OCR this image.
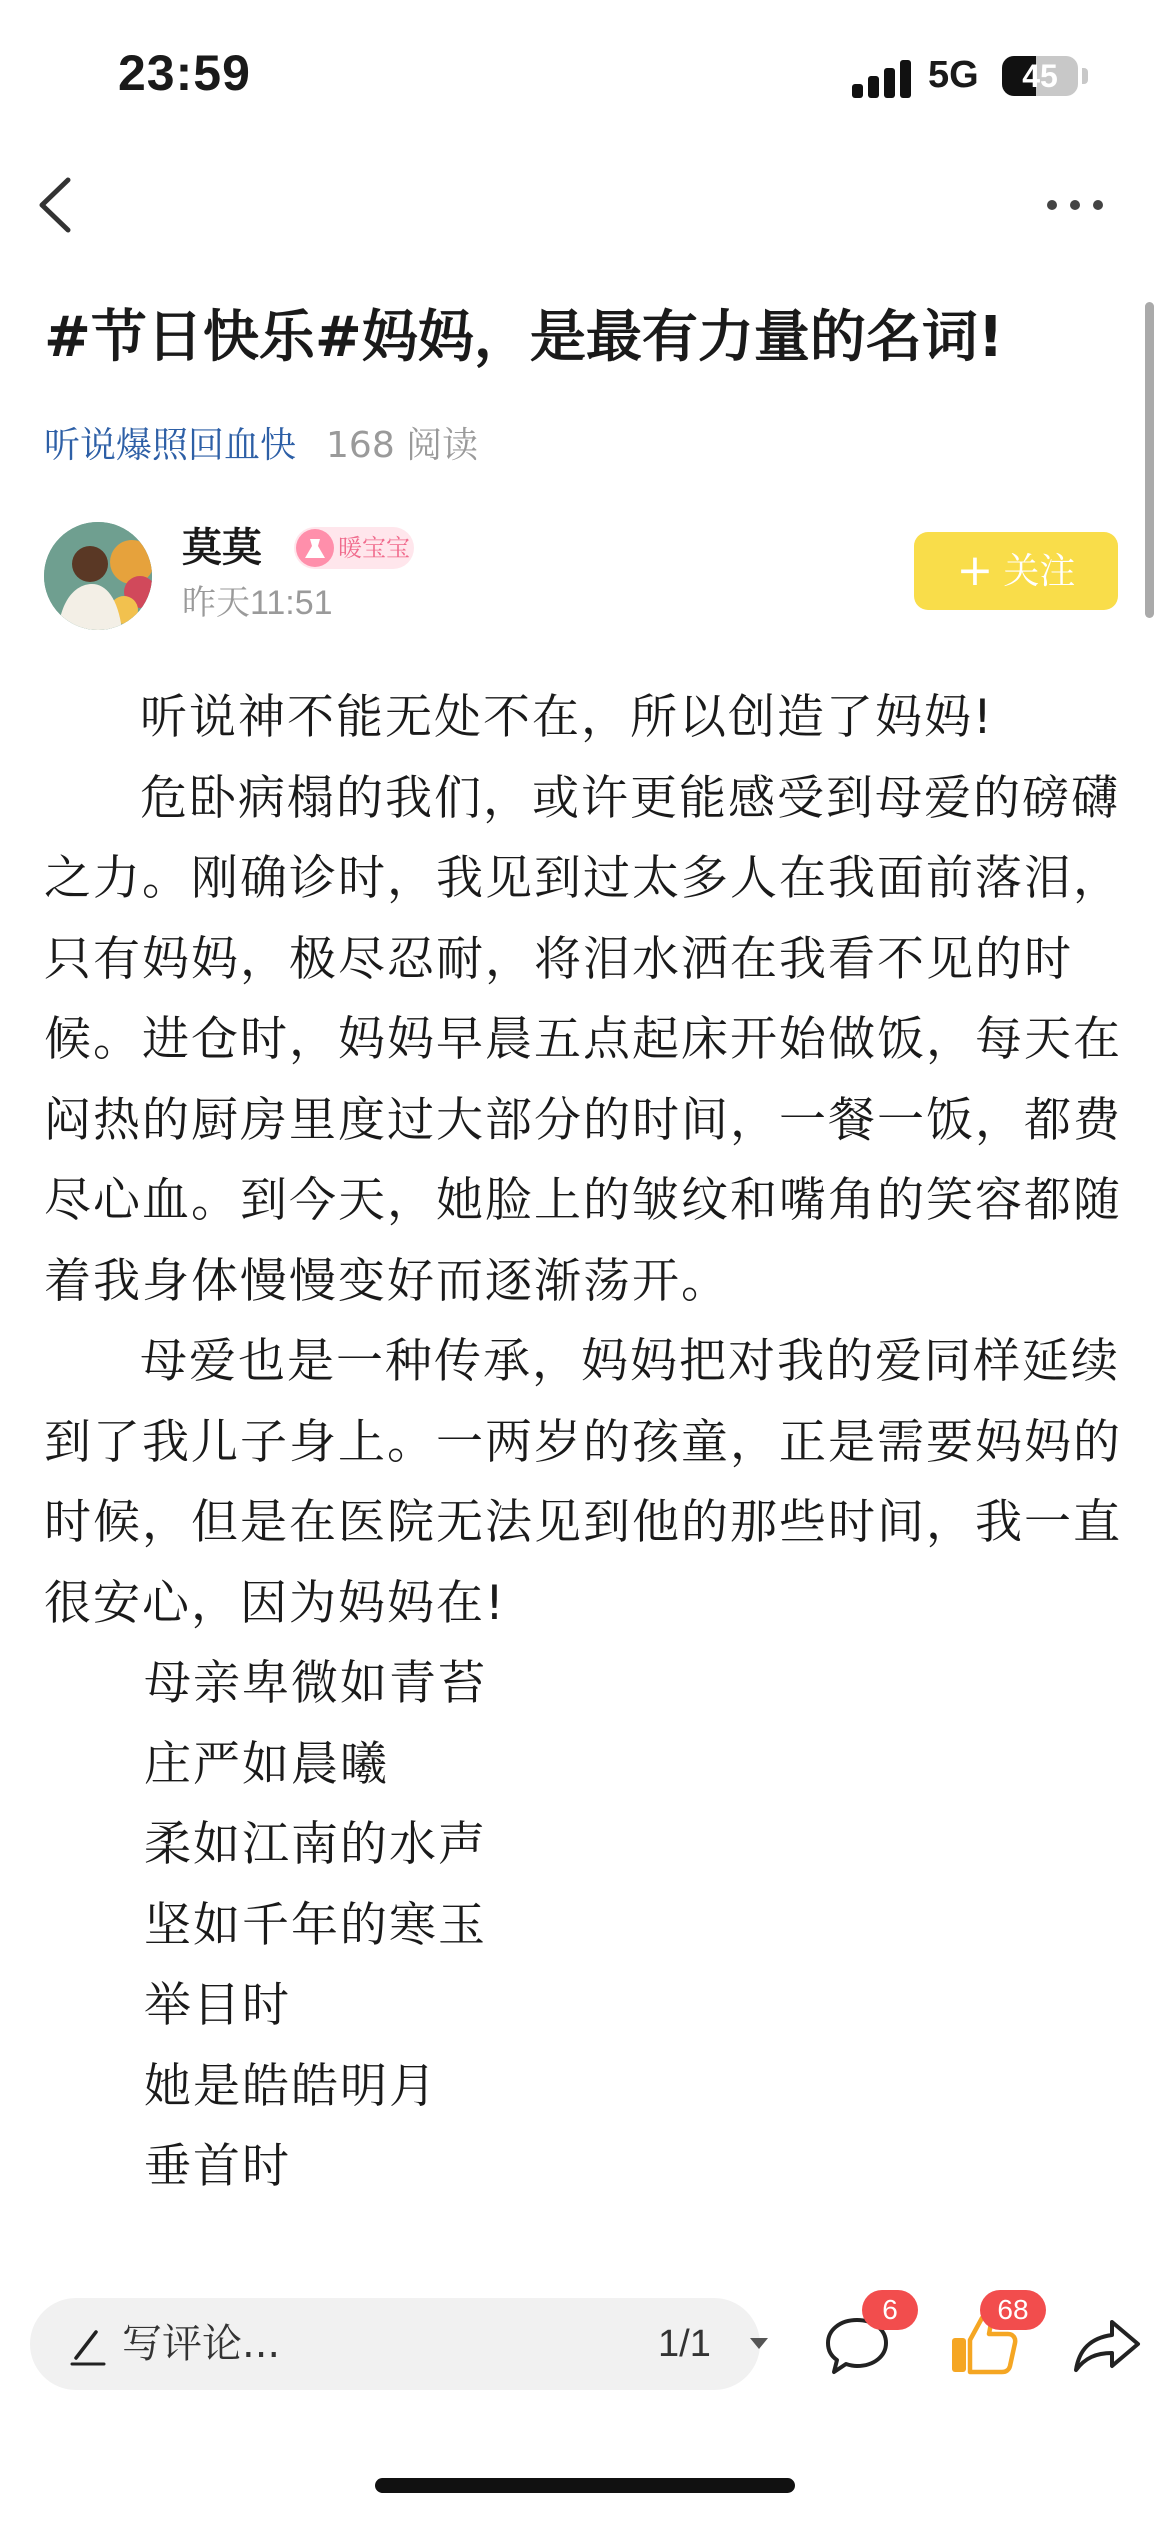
23:59	5G	45
#节日快乐#妈妈，是最有力量的名词!
听说爆照回血快 168 阅读
莫莫	暖宝宝
昨天11:51
+ 关注

听说神不能无处不在，所以创造了妈妈!

危卧病榻的我们，或许更能感受到母爱的磅礴之力。刚确诊时，我见到过太多人在我面前落泪，只有妈妈，极尽忍耐，将泪水洒在我看不见的时候。进仓时，妈妈早晨五点起床开始做饭，每天在闷热的厨房里度过大部分的时间，一餐一饭，都费尽心血。到今天，她脸上的皱纹和嘴角的笑容都随着我身体慢慢变好而逐渐荡开。

母爱也是一种传承，妈妈把对我的爱同样延续到了我儿子身上。一两岁的孩童，正是需要妈妈的时候，但是在医院无法见到他的那些时间，我一直很安心，因为妈妈在!

母亲卑微如青苔

庄严如晨曦

柔如江南的水声

坚如千年的寒玉

举目时

她是皓皓明月

垂首时

写评论...	1/1
6	68
